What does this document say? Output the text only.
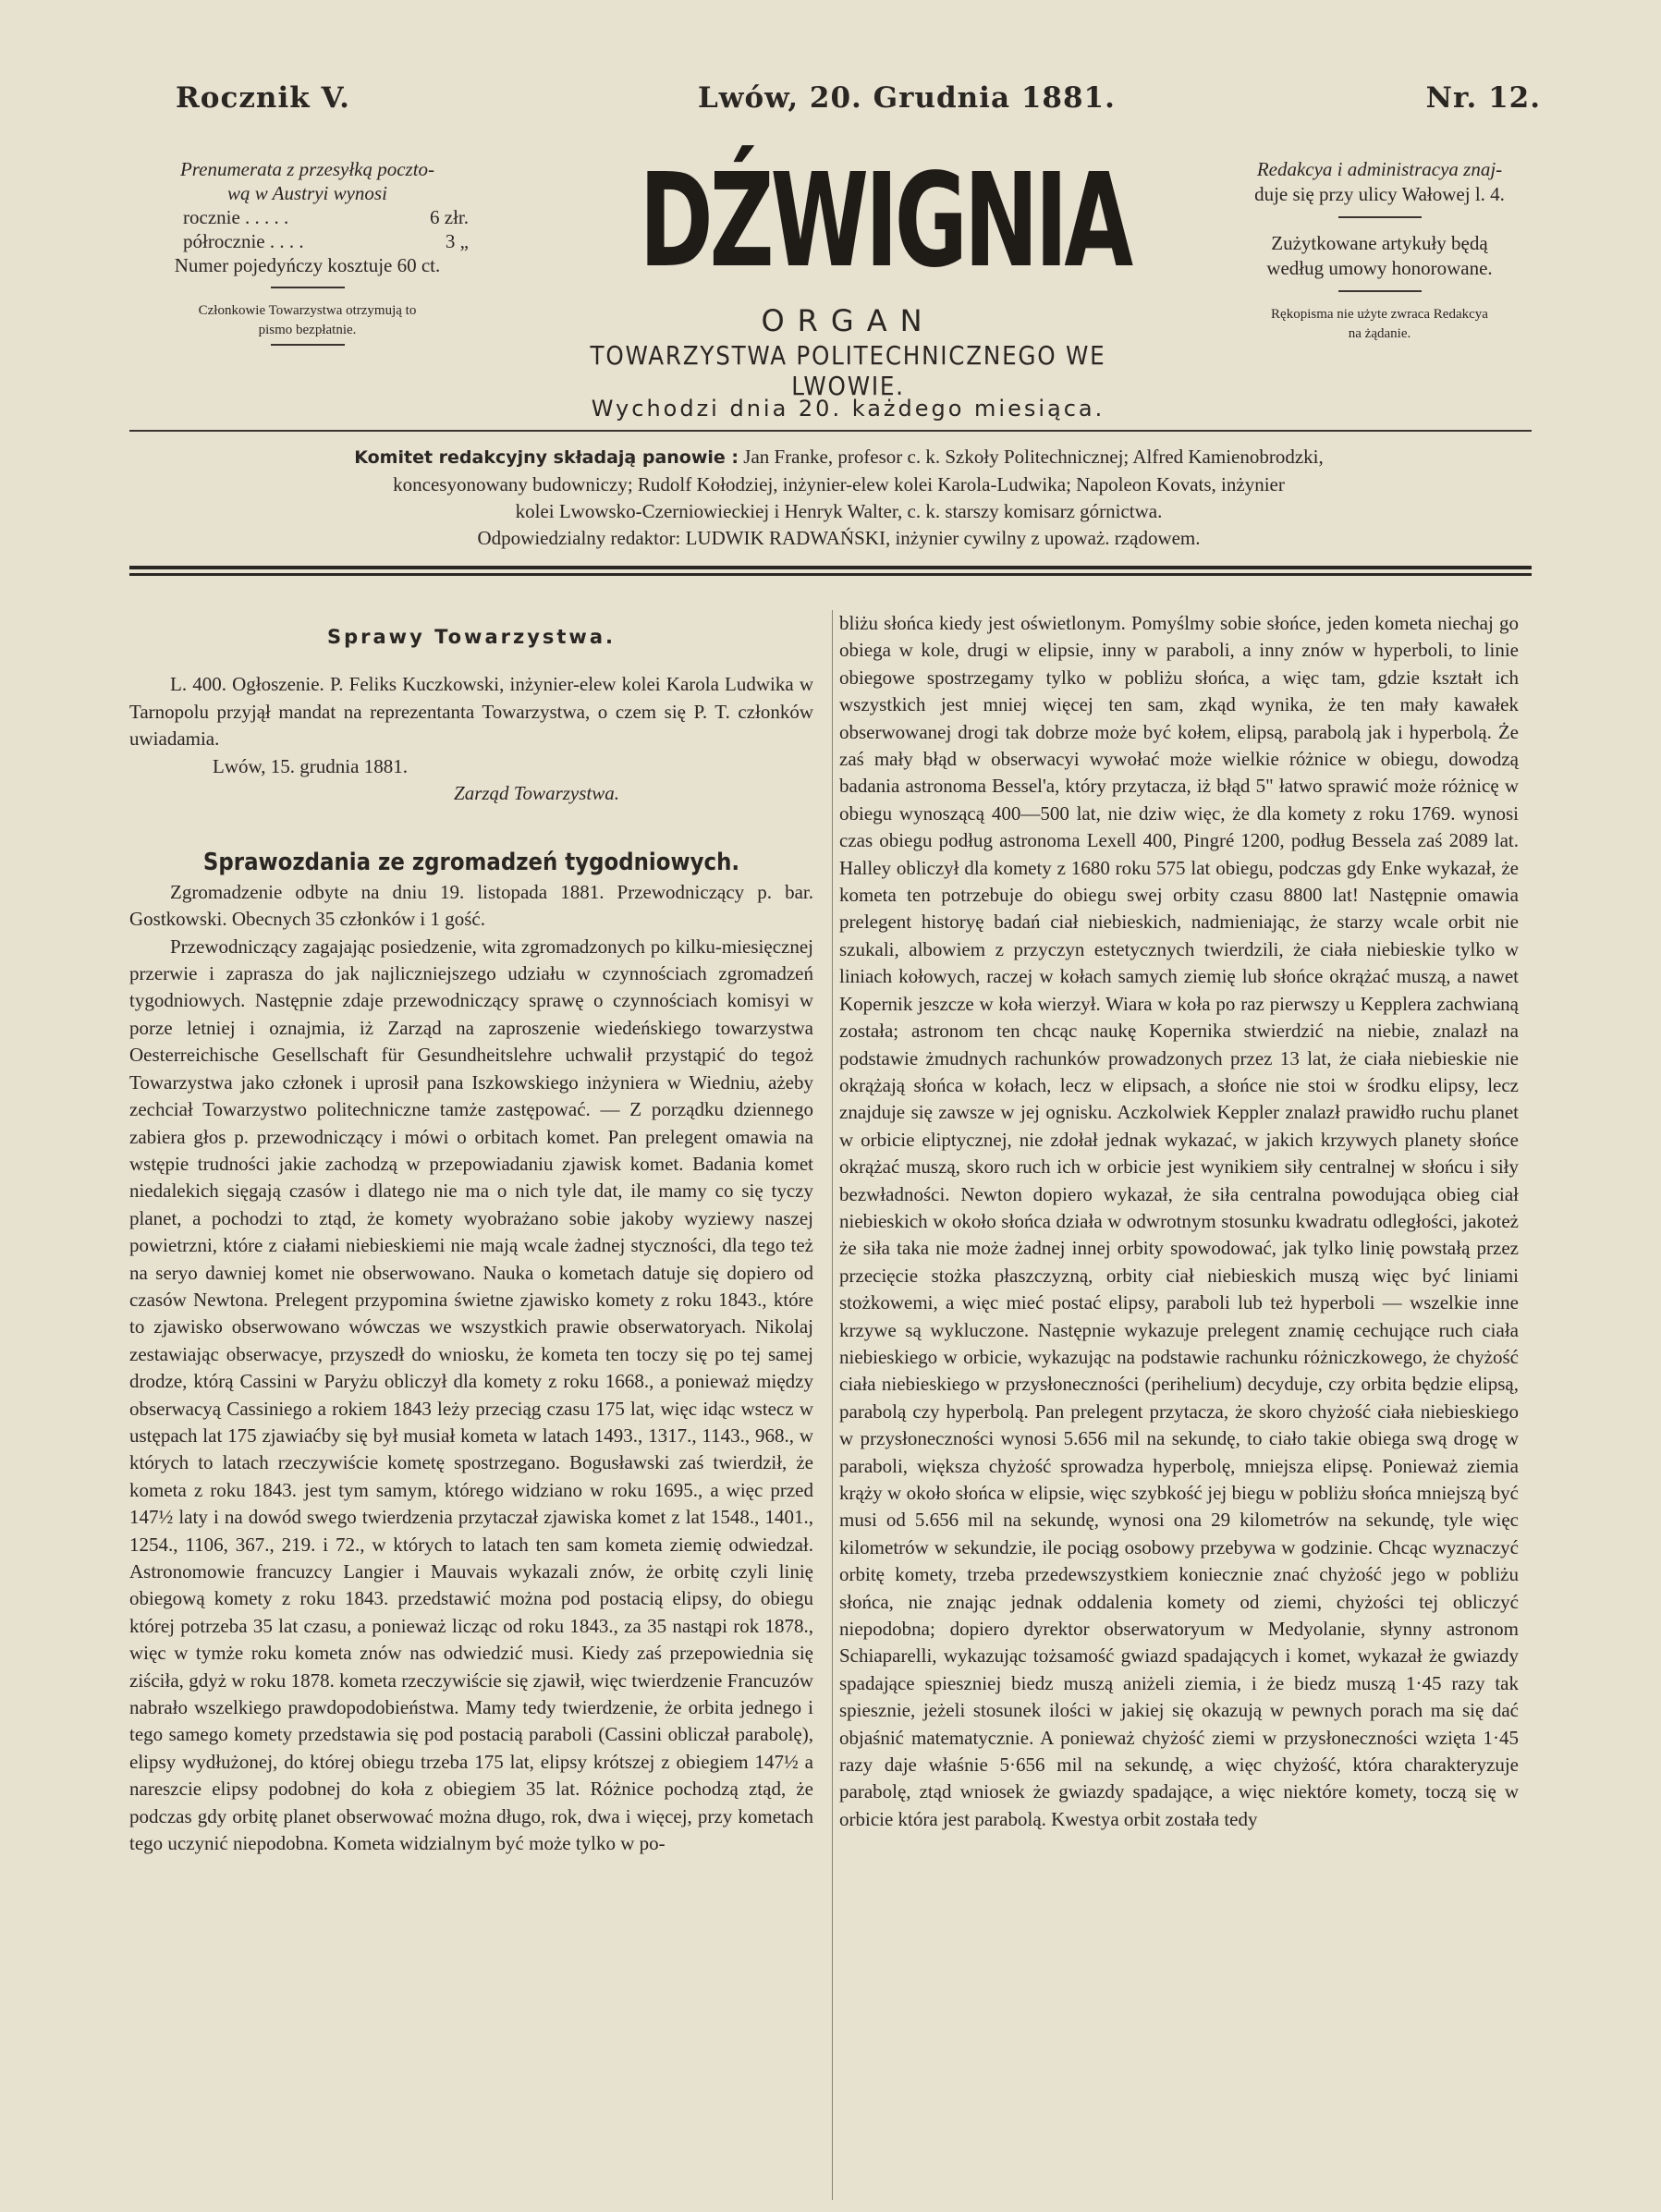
Rocznik V.	Lwów, 20. Grudnia 1881.	Nr. 12.
Prenumerata z przesyłką poczto-
wą w Austryi wynosi
rocznie . . . . .	6 złr.
półrocznie . . . .	3 „
Numer pojedyńczy kosztuje 60 ct.
Członkowie Towarzystwa otrzymują to
pismo bezpłatnie.
DŹWIGNIA
ORGAN
TOWARZYSTWA POLITECHNICZNEGO WE LWOWIE.
Wychodzi dnia 20. każdego miesiąca.
Redakcya i administracya znaj-
duje się przy ulicy Wałowej l. 4.
Zużytkowane artykuły będą
według umowy honorowane.
Rękopisma nie użyte zwraca Redakcya
na żądanie.
Komitet redakcyjny składają panowie : Jan Franke, profesor c. k. Szkoły Politechnicznej; Alfred Kamienobrodzki,
koncesyonowany budowniczy; Rudolf Kołodziej, inżynier-elew kolei Karola-Ludwika; Napoleon Kovats, inżynier
kolei Lwowsko-Czerniowieckiej i Henryk Walter, c. k. starszy komisarz górnictwa.
Odpowiedzialny redaktor: LUDWIK RADWAŃSKI, inżynier cywilny z upoważ. rządowem.
Sprawy Towarzystwa.

L. 400. Ogłoszenie. P. Feliks Kuczkowski, inżynier-elew kolei Karola Ludwika w Tarnopolu przyjął mandat na reprezentanta Towarzystwa, o czem się P. T. członków uwiadamia.

Lwów, 15. grudnia 1881.

Zarząd Towarzystwa.

Sprawozdania ze zgromadzeń tygodniowych.

Zgromadzenie odbyte na dniu 19. listopada 1881. Przewodniczący p. bar. Gostkowski. Obecnych 35 członków i 1 gość.

Przewodniczący zagajając posiedzenie, wita zgromadzonych po kilku-miesięcznej przerwie i zaprasza do jak najliczniejszego udziału w czynnościach zgromadzeń tygodniowych. Następnie zdaje przewodniczący sprawę o czynnościach komisyi w porze letniej i oznajmia, iż Zarząd na zaproszenie wiedeńskiego towarzystwa Oesterreichische Gesellschaft für Gesundheitslehre uchwalił przystąpić do tegoż Towarzystwa jako członek i uprosił pana Iszkowskiego inżyniera w Wiedniu, ażeby zechciał Towarzystwo politechniczne tamże zastępować. — Z porządku dziennego zabiera głos p. przewodniczący i mówi o orbitach komet. Pan prelegent omawia na wstępie trudności jakie zachodzą w przepowiadaniu zjawisk komet. Badania komet niedalekich sięgają czasów i dlatego nie ma o nich tyle dat, ile mamy co się tyczy planet, a pochodzi to ztąd, że komety wyobrażano sobie jakoby wyziewy naszej powietrzni, które z ciałami niebieskiemi nie mają wcale żadnej styczności, dla tego też na seryo dawniej komet nie obserwowano. Nauka o kometach datuje się dopiero od czasów Newtona. Prelegent przypomina świetne zjawisko komety z roku 1843., które to zjawisko obserwowano wówczas we wszystkich prawie obserwatoryach. Nikolaj zestawiając obserwacye, przyszedł do wniosku, że kometa ten toczy się po tej samej drodze, którą Cassini w Paryżu obliczył dla komety z roku 1668., a ponieważ między obserwacyą Cassiniego a rokiem 1843 leży przeciąg czasu 175 lat, więc idąc wstecz w ustępach lat 175 zjawiaćby się był musiał kometa w latach 1493., 1317., 1143., 968., w których to latach rzeczywiście kometę spostrzegano. Bogusławski zaś twierdził, że kometa z roku 1843. jest tym samym, którego widziano w roku 1695., a więc przed 147½ laty i na dowód swego twierdzenia przytaczał zjawiska komet z lat 1548., 1401., 1254., 1106, 367., 219. i 72., w których to latach ten sam kometa ziemię odwiedzał. Astronomowie francuzcy Langier i Mauvais wykazali znów, że orbitę czyli linię obiegową komety z roku 1843. przedstawić można pod postacią elipsy, do obiegu której potrzeba 35 lat czasu, a ponieważ licząc od roku 1843., za 35 nastąpi rok 1878., więc w tymże roku kometa znów nas odwiedzić musi. Kiedy zaś przepowiednia się ziściła, gdyż w roku 1878. kometa rzeczywiście się zjawił, więc twierdzenie Francuzów nabrało wszelkiego prawdopodobieństwa. Mamy tedy twierdzenie, że orbita jednego i tego samego komety przedstawia się pod postacią paraboli (Cassini obliczał parabolę), elipsy wydłużonej, do której obiegu trzeba 175 lat, elipsy krótszej z obiegiem 147½ a nareszcie elipsy podobnej do koła z obiegiem 35 lat. Różnice pochodzą ztąd, że podczas gdy orbitę planet obserwować można długo, rok, dwa i więcej, przy kometach tego uczynić niepodobna. Kometa widzialnym być może tylko w po-

bliżu słońca kiedy jest oświetlonym. Pomyślmy sobie słońce, jeden kometa niechaj go obiega w kole, drugi w elipsie, inny w paraboli, a inny znów w hyperboli, to linie obiegowe spostrzegamy tylko w pobliżu słońca, a więc tam, gdzie kształt ich wszystkich jest mniej więcej ten sam, zkąd wynika, że ten mały kawałek obserwowanej drogi tak dobrze może być kołem, elipsą, parabolą jak i hyperbolą. Że zaś mały błąd w obserwacyi wywołać może wielkie różnice w obiegu, dowodzą badania astronoma Bessel'a, który przytacza, iż błąd 5" łatwo sprawić może różnicę w obiegu wynoszącą 400—500 lat, nie dziw więc, że dla komety z roku 1769. wynosi czas obiegu podług astronoma Lexell 400, Pingré 1200, podług Bessela zaś 2089 lat. Halley obliczył dla komety z 1680 roku 575 lat obiegu, podczas gdy Enke wykazał, że kometa ten potrzebuje do obiegu swej orbity czasu 8800 lat! Następnie omawia prelegent historyę badań ciał niebieskich, nadmieniając, że starzy wcale orbit nie szukali, albowiem z przyczyn estetycznych twierdzili, że ciała niebieskie tylko w liniach kołowych, raczej w kołach samych ziemię lub słońce okrążać muszą, a nawet Kopernik jeszcze w koła wierzył. Wiara w koła po raz pierwszy u Kepplera zachwianą została; astronom ten chcąc naukę Kopernika stwierdzić na niebie, znalazł na podstawie żmudnych rachunków prowadzonych przez 13 lat, że ciała niebieskie nie okrążają słońca w kołach, lecz w elipsach, a słońce nie stoi w środku elipsy, lecz znajduje się zawsze w jej ognisku. Aczkolwiek Keppler znalazł prawidło ruchu planet w orbicie eliptycznej, nie zdołał jednak wykazać, w jakich krzywych planety słońce okrążać muszą, skoro ruch ich w orbicie jest wynikiem siły centralnej w słońcu i siły bezwładności. Newton dopiero wykazał, że siła centralna powodująca obieg ciał niebieskich w około słońca działa w odwrotnym stosunku kwadratu odległości, jakoteż że siła taka nie może żadnej innej orbity spowodować, jak tylko linię powstałą przez przecięcie stożka płaszczyzną, orbity ciał niebieskich muszą więc być liniami stożkowemi, a więc mieć postać elipsy, paraboli lub też hyperboli — wszelkie inne krzywe są wykluczone. Następnie wykazuje prelegent znamię cechujące ruch ciała niebieskiego w orbicie, wykazując na podstawie rachunku różniczkowego, że chyżość ciała niebieskiego w przysłoneczności (perihelium) decyduje, czy orbita będzie elipsą, parabolą czy hyperbolą. Pan prelegent przytacza, że skoro chyżość ciała niebieskiego w przysłoneczności wynosi 5.656 mil na sekundę, to ciało takie obiega swą drogę w paraboli, większa chyżość sprowadza hyperbolę, mniejsza elipsę. Ponieważ ziemia krąży w około słońca w elipsie, więc szybkość jej biegu w pobliżu słońca mniejszą być musi od 5.656 mil na sekundę, wynosi ona 29 kilometrów na sekundę, tyle więc kilometrów w sekundzie, ile pociąg osobowy przebywa w godzinie. Chcąc wyznaczyć orbitę komety, trzeba przedewszystkiem koniecznie znać chyżość jego w pobliżu słońca, nie znając jednak oddalenia komety od ziemi, chyżości tej obliczyć niepodobna; dopiero dyrektor obserwatoryum w Medyolanie, słynny astronom Schiaparelli, wykazując tożsamość gwiazd spadających i komet, wykazał że gwiazdy spadające spieszniej biedz muszą aniżeli ziemia, i że biedz muszą 1·45 razy tak spiesznie, jeżeli stosunek ilości w jakiej się okazują w pewnych porach ma się dać objaśnić matematycznie. A ponieważ chyżość ziemi w przysłoneczności wzięta 1·45 razy daje właśnie 5·656 mil na sekundę, a więc chyżość, która charakteryzuje parabolę, ztąd wniosek że gwiazdy spadające, a więc niektóre komety, toczą się w orbicie która jest parabolą. Kwestya orbit została tedy
